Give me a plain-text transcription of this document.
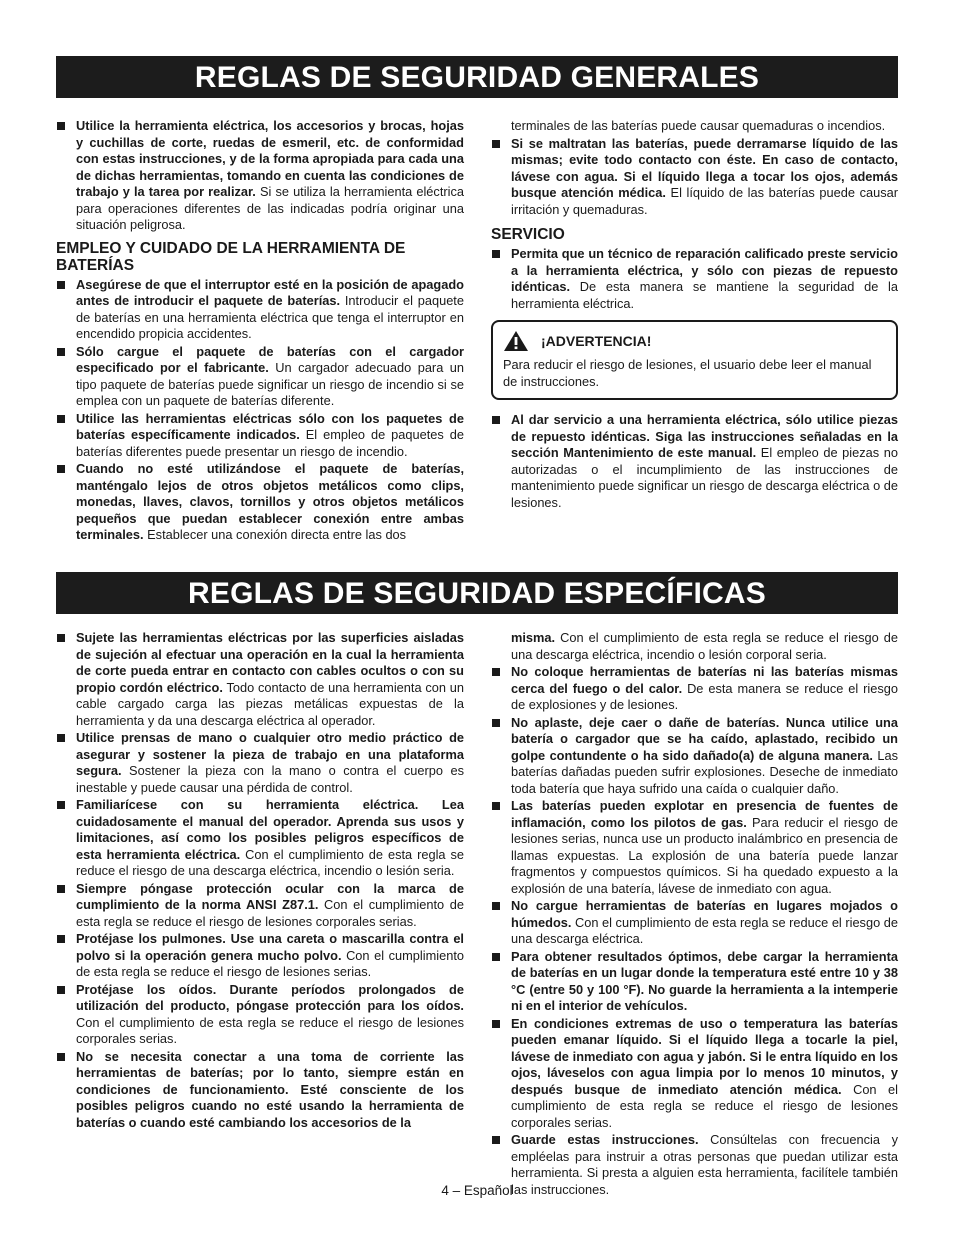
REGLAS DE SEGURIDAD GENERALES
Utilice la herramienta eléctrica, los accesorios y brocas, hojas y cuchillas de corte, ruedas de esmeril, etc. de conformidad con estas instrucciones, y de la forma apropiada para cada una de dichas herramientas, tomando en cuenta las condiciones de trabajo y la tarea por realizar. Si se utiliza la herramienta eléctrica para operaciones diferentes de las indicadas podría originar una situación peligrosa.
EMPLEO Y CUIDADO DE LA HERRAMIENTA DE BATERÍAS
Asegúrese de que el interruptor esté en la posición de apagado antes de introducir el paquete de baterías. Introducir el paquete de baterías en una herramienta eléctrica que tenga el interruptor en encendido propicia accidentes.
Sólo cargue el paquete de baterías con el cargador especificado por el fabricante. Un cargador adecuado para un tipo paquete de baterías puede significar un riesgo de incendio si se emplea con un paquete de baterías diferente.
Utilice las herramientas eléctricas sólo con los paquetes de baterías específicamente indicados. El empleo de paquetes de baterías diferentes puede presentar un riesgo de incendio.
Cuando no esté utilizándose el paquete de baterías, manténgalo lejos de otros objetos metálicos como clips, monedas, llaves, clavos, tornillos y otros objetos metálicos pequeños que puedan establecer conexión entre ambas terminales. Establecer una conexión directa entre las dos
terminales de las baterías puede causar quemaduras o incendios.
Si se maltratan las baterías, puede derramarse líquido de las mismas; evite todo contacto con éste. En caso de contacto, lávese con agua. Si el líquido llega a tocar los ojos, además busque atención médica. El líquido de las baterías puede causar irritación y quemaduras.
SERVICIO
Permita que un técnico de reparación calificado preste servicio a la herramienta eléctrica, y sólo con piezas de repuesto idénticas. De esta manera se mantiene la seguridad de la herramienta eléctrica.
¡ADVERTENCIA!
Para reducir el riesgo de lesiones, el usuario debe leer el manual de instrucciones.
Al dar servicio a una herramienta eléctrica, sólo utilice piezas de repuesto idénticas. Siga las instrucciones señaladas en la sección Mantenimiento de este manual. El empleo de piezas no autorizadas o el incumplimiento de las instrucciones de mantenimiento puede significar un riesgo de descarga eléctrica o de lesiones.
REGLAS DE SEGURIDAD ESPECÍFICAS
Sujete las herramientas eléctricas por las superficies aisladas de sujeción al efectuar una operación en la cual la herramienta de corte pueda entrar en contacto con cables ocultos o con su propio cordón eléctrico. Todo contacto de una herramienta con un cable cargado carga las piezas metálicas expuestas de la herramienta y da una descarga eléctrica al operador.
Utilice prensas de mano o cualquier otro medio práctico de asegurar y sostener la pieza de trabajo en una plataforma segura. Sostener la pieza con la mano o contra el cuerpo es inestable y puede causar una pérdida de control.
Familiarícese con su herramienta eléctrica. Lea cuidadosamente el manual del operador. Aprenda sus usos y limitaciones, así como los posibles peligros específicos de esta herramienta eléctrica. Con el cumplimiento de esta regla se reduce el riesgo de una descarga eléctrica, incendio o lesión seria.
Siempre póngase protección ocular con la marca de cumplimiento de la norma ANSI Z87.1. Con el cumplimiento de esta regla se reduce el riesgo de lesiones corporales serias.
Protéjase los pulmones. Use una careta o mascarilla contra el polvo si la operación genera mucho polvo. Con el cumplimiento de esta regla se reduce el riesgo de lesiones serias.
Protéjase los oídos. Durante períodos prolongados de utilización del producto, póngase protección para los oídos. Con el cumplimiento de esta regla se reduce el riesgo de lesiones corporales serias.
No se necesita conectar a una toma de corriente las herramientas de baterías; por lo tanto, siempre están en condiciones de funcionamiento. Esté consciente de los posibles peligros cuando no esté usando la herramienta de baterías o cuando esté cambiando los accesorios de la
misma. Con el cumplimiento de esta regla se reduce el riesgo de una descarga eléctrica, incendio o lesión corporal seria.
No coloque herramientas de baterías ni las baterías mismas cerca del fuego o del calor. De esta manera se reduce el riesgo de explosiones y de lesiones.
No aplaste, deje caer o dañe de baterías. Nunca utilice una batería o cargador que se ha caído, aplastado, recibido un golpe contundente o ha sido dañado(a) de alguna manera. Las baterías dañadas pueden sufrir explosiones. Deseche de inmediato toda batería que haya sufrido una caída o cualquier daño.
Las baterías pueden explotar en presencia de fuentes de inflamación, como los pilotos de gas. Para reducir el riesgo de lesiones serias, nunca use un producto inalámbrico en presencia de llamas expuestas. La explosión de una batería puede lanzar fragmentos y compuestos químicos. Si ha quedado expuesto a la explosión de una batería, lávese de inmediato con agua.
No cargue herramientas de baterías en lugares mojados o húmedos. Con el cumplimiento de esta regla se reduce el riesgo de una descarga eléctrica.
Para obtener resultados óptimos, debe cargar la herramienta de baterías en un lugar donde la temperatura esté entre 10 y 38 °C (entre 50 y 100 °F). No guarde la herramienta a la intemperie ni en el interior de vehículos.
En condiciones extremas de uso o temperatura las baterías pueden emanar líquido. Si el líquido llega a tocarle la piel, lávese de inmediato con agua y jabón. Si le entra líquido en los ojos, láveselos con agua limpia por lo menos 10 minutos, y después busque de inmediato atención médica. Con el cumplimiento de esta regla se reduce el riesgo de lesiones corporales serias.
Guarde estas instrucciones. Consúltelas con frecuencia y empléelas para instruir a otras personas que puedan utilizar esta herramienta. Si presta a alguien esta herramienta, facilítele también las instrucciones.
4 – Español
